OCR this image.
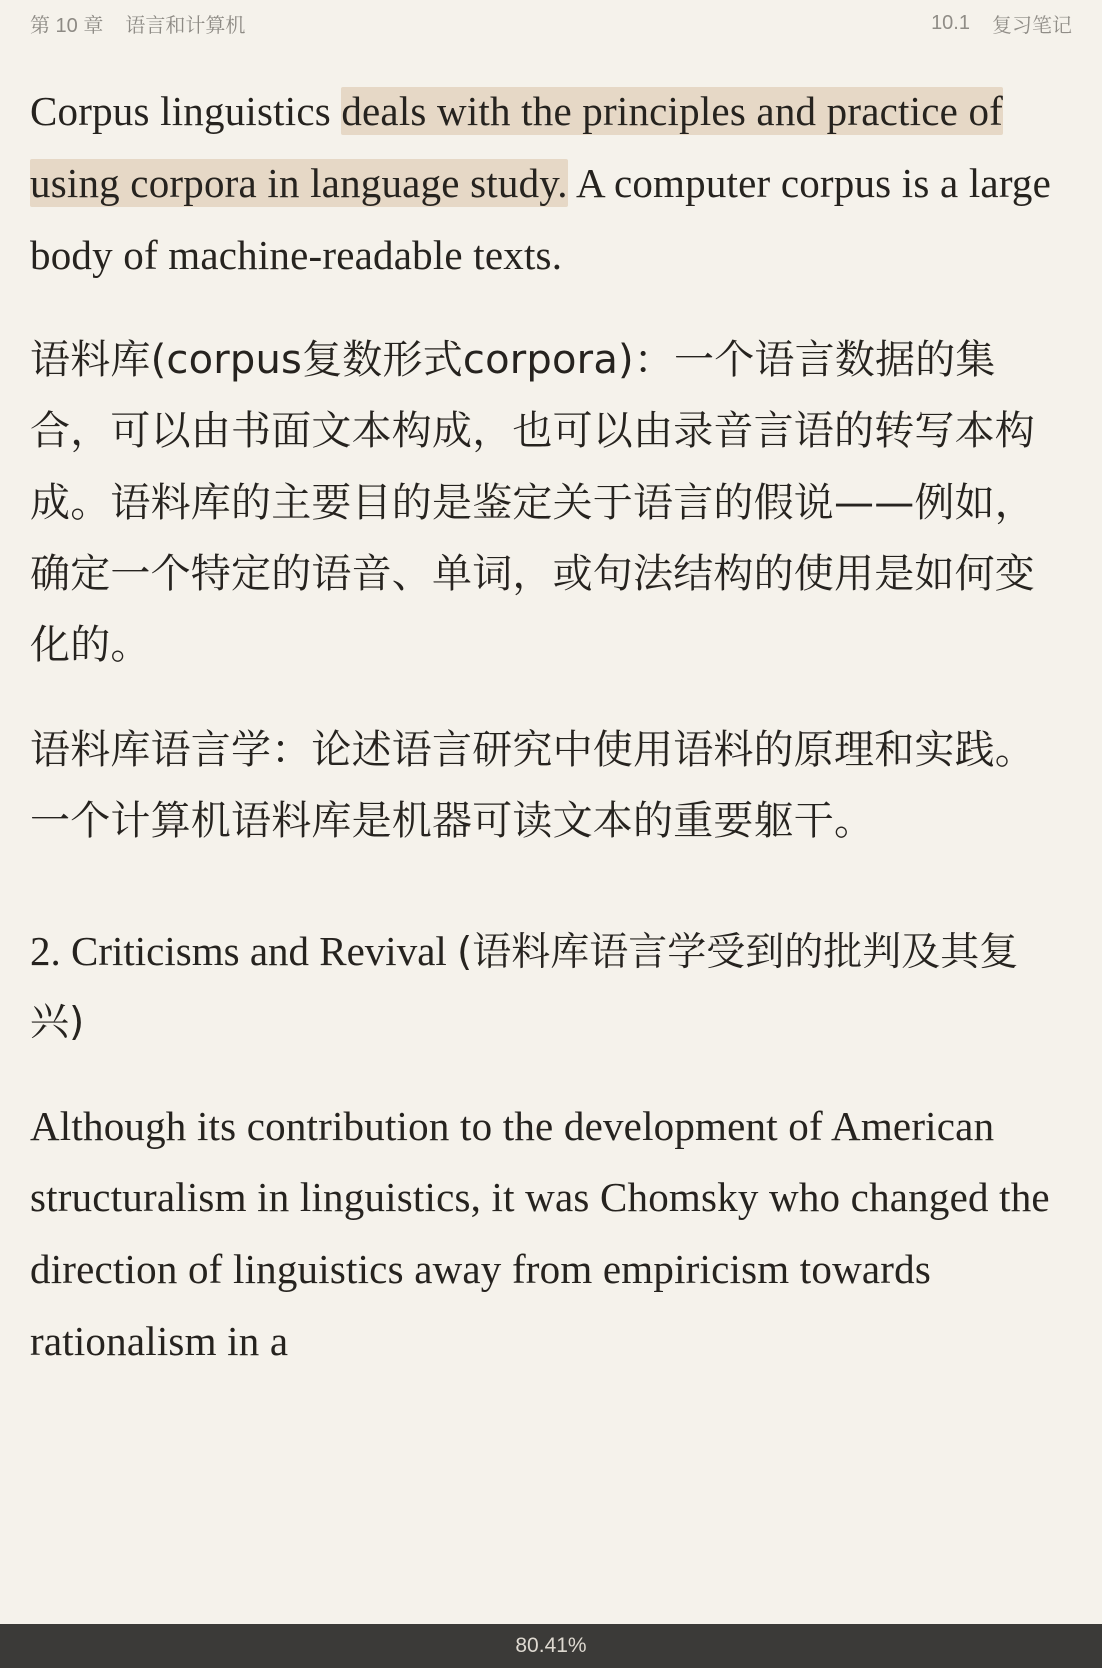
第 10 章 语言和计算机	10.1 复习笔记

Corpus linguistics deals with the principles and practice of using corpora in language study. A computer corpus is a large body of machine-readable texts.

语料库(corpus复数形式corpora)：一个语言数据的集合，可以由书面文本构成，也可以由录音言语的转写本构成。语料库的主要目的是鉴定关于语言的假说——例如，确定一个特定的语音、单词，或句法结构的使用是如何变化的。

语料库语言学：论述语言研究中使用语料的原理和实践。一个计算机语料库是机器可读文本的重要躯干。

2. Criticisms and Revival (语料库语言学受到的批判及其复兴)

Although its contribution to the development of American structuralism in linguistics, it was Chomsky who changed the direction of linguistics away from empiricism towards rationalism in a

80.41%
